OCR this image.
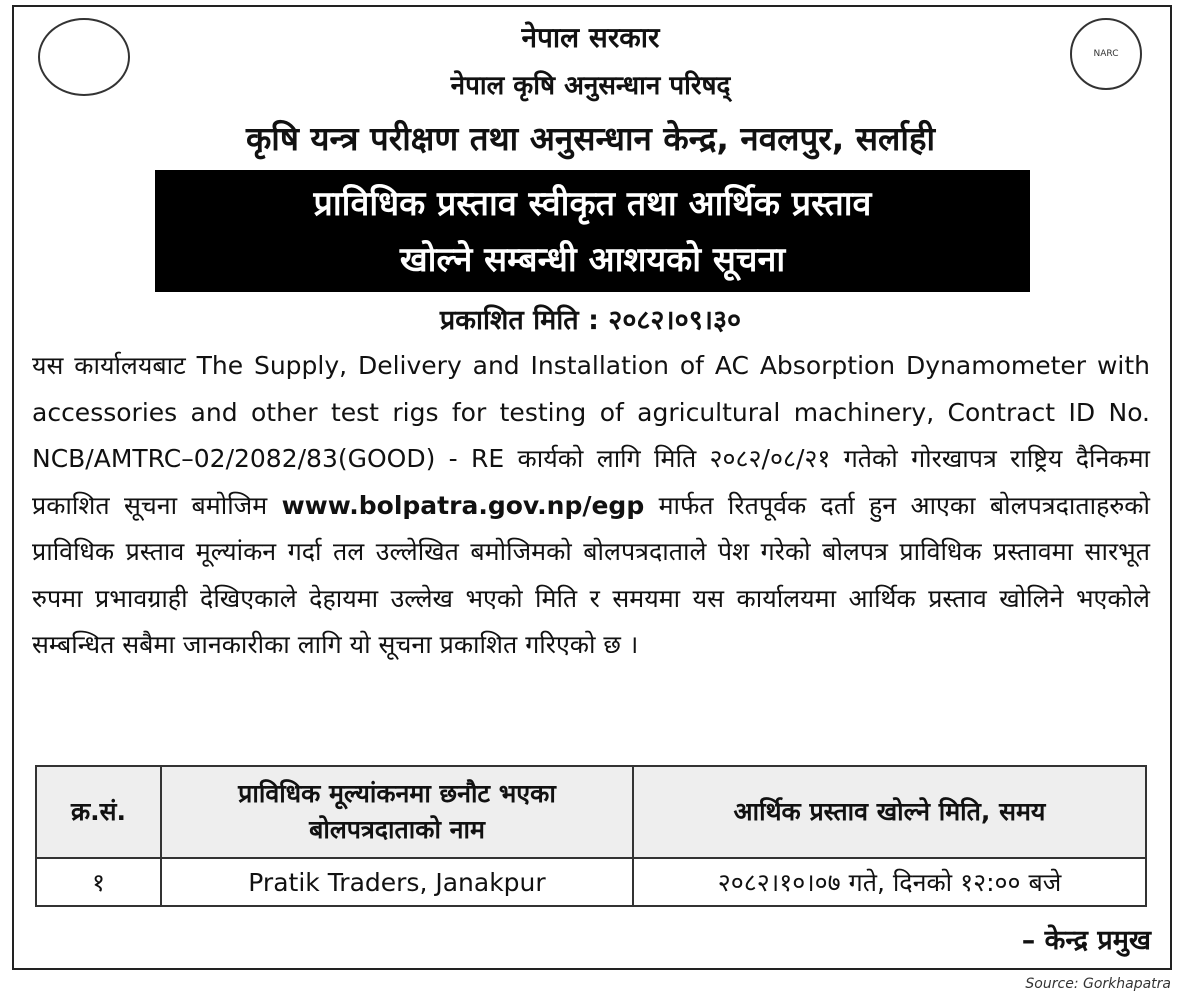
NARC
नेपाल सरकार
नेपाल कृषि अनुसन्धान परिषद्
कृषि यन्त्र परीक्षण तथा अनुसन्धान केन्द्र, नवलपुर, सर्लाही
प्राविधिक प्रस्ताव स्वीकृत तथा आर्थिक प्रस्ताव
खोल्ने सम्बन्धी आशयको सूचना
प्रकाशित मिति : २०८२।०९।३०
यस कार्यालयबाट The Supply, Delivery and Installation of AC Absorption Dynamometer with accessories and other test rigs for testing of agricultural machinery, Contract ID No. NCB/AMTRC–02/2082/83(GOOD) - RE कार्यको लागि मिति २०८२/०८/२१ गतेको गोरखापत्र राष्ट्रिय दैनिकमा प्रकाशित सूचना बमोजिम www.bolpatra.gov.np/egp मार्फत रितपूर्वक दर्ता हुन आएका बोलपत्रदाताहरुको प्राविधिक प्रस्ताव मूल्यांकन गर्दा तल उल्लेखित बमोजिमको बोलपत्रदाताले पेश गरेको बोलपत्र प्राविधिक प्रस्तावमा सारभूत रुपमा प्रभावग्राही देखिएकाले देहायमा उल्लेख भएको मिति र समयमा यस कार्यालयमा आर्थिक प्रस्ताव खोलिने भएकोले सम्बन्धित सबैमा जानकारीका लागि यो सूचना प्रकाशित गरिएको छ ।
क्र.सं.	प्राविधिक मूल्यांकनमा छनौट भएका बोलपत्रदाताको नाम	आर्थिक प्रस्ताव खोल्ने मिति, समय
१	Pratik Traders, Janakpur	२०८२।१०।०७ गते, दिनको १२:०० बजे
– केन्द्र प्रमुख
Source: Gorkhapatra
